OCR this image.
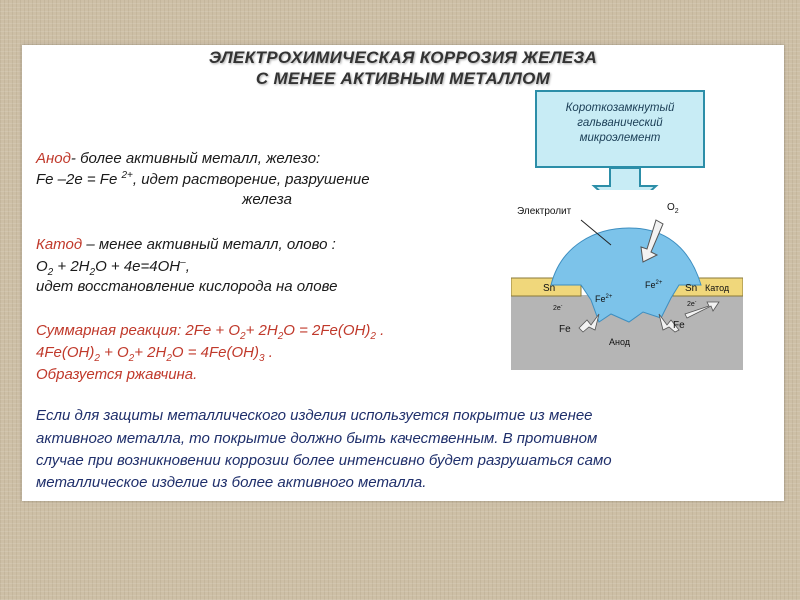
ЭЛЕКТРОХИМИЧЕСКАЯ КОРРОЗИЯ ЖЕЛЕЗА
С МЕНЕЕ АКТИВНЫМ МЕТАЛЛОМ
Анод- более активный металл, железо:
Fe –2e = Fe $^{2+}$, идет растворение, разрушение
железа
Катод – менее активный металл, олово :
$O_2 + 2H_2O + 4e=4OH^-$,
идет восстановление кислорода на олове
Суммарная реакция: $2Fe + O_2+ 2H_2O = 2Fe(OH)_2$ .
$4Fe(OH)_2 + O_2+ 2H_2O = 4Fe(OH)_3$ .
Образуется ржавчина.
Если для защиты металлического изделия используется покрытие из менее
активного металла, то покрытие должно быть качественным. В противном
случае при возникновении коррозии более интенсивно будет разрушаться само
металлическое изделие из более активного металла.
Короткозамкнутый
гальванический
микроэлемент
Электролит	$O_2$
Sn	Sn Катод
Анод
$Fe^{2+}$
$Fe^{2+}$
Fe	Fe
2e-	2e-
